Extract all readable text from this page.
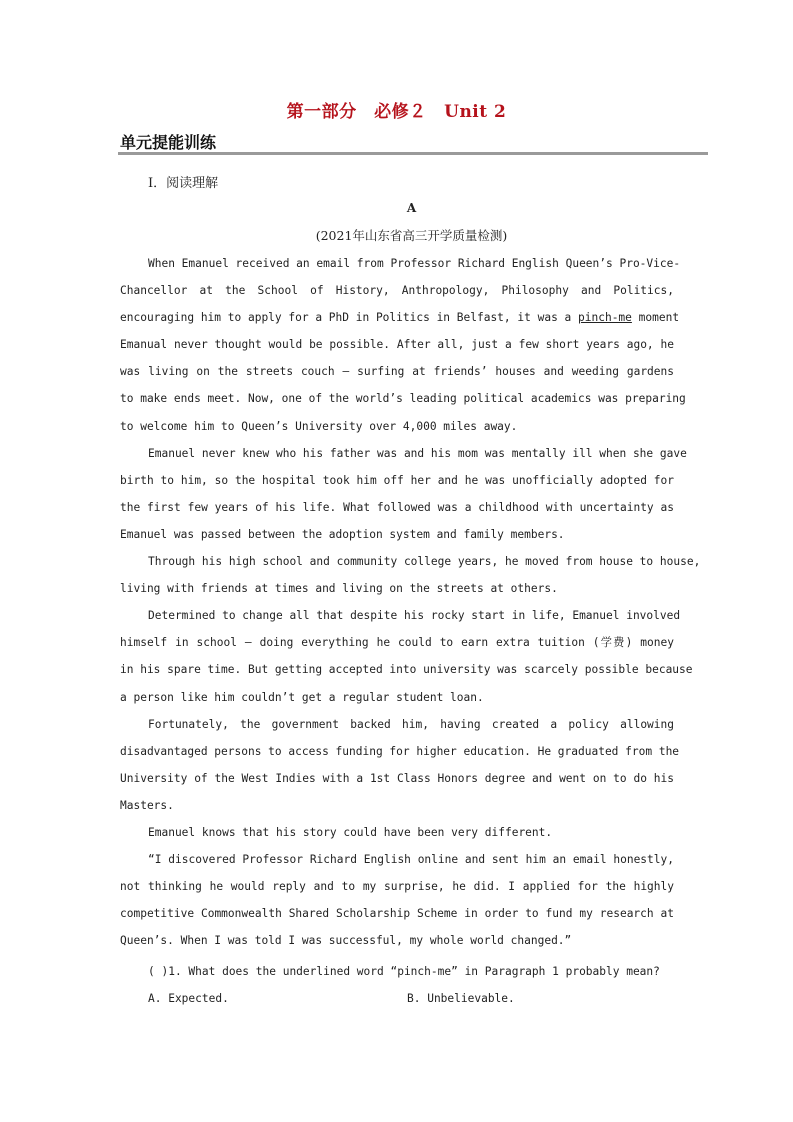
第一部分　必修２　Unit 2
单元提能训练
Ⅰ．阅读理解
A
(2021年山东省高三开学质量检测)
When Emanuel received an email from Professor Richard English Queen’s Pro-Vice-
Chancellor at the School of History, Anthropology, Philosophy and Politics,
encouraging him to apply for a PhD in Politics in Belfast, it was a pinch-me moment
Emanual never thought would be possible. After all, just a few short years ago, he
was living on the streets couch — surfing at friends’ houses and weeding gardens
to make ends meet. Now, one of the world’s leading political academics was preparing
to welcome him to Queen’s University over 4,000 miles away.
Emanuel never knew who his father was and his mom was mentally ill when she gave
birth to him, so the hospital took him off her and he was unofficially adopted for
the first few years of his life. What followed was a childhood with uncertainty as
Emanuel was passed between the adoption system and family members.
Through his high school and community college years, he moved from house to house,
living with friends at times and living on the streets at others.
Determined to change all that despite his rocky start in life, Emanuel involved
himself in school — doing everything he could to earn extra tuition (学费) money
in his spare time. But getting accepted into university was scarcely possible because
a person like him couldn’t get a regular student loan.
Fortunately, the government backed him, having created a policy allowing
disadvantaged persons to access funding for higher education. He graduated from the
University of the West Indies with a 1st Class Honors degree and went on to do his
Masters.
Emanuel knows that his story could have been very different.
“I discovered Professor Richard English online and sent him an email honestly,
not thinking he would reply and to my surprise, he did. I applied for the highly
competitive Commonwealth Shared Scholarship Scheme in order to fund my research at
Queen’s. When I was told I was successful, my whole world changed.”
( )1. What does the underlined word “pinch-me” in Paragraph 1 probably mean?
A. Expected.	B. Unbelievable.
